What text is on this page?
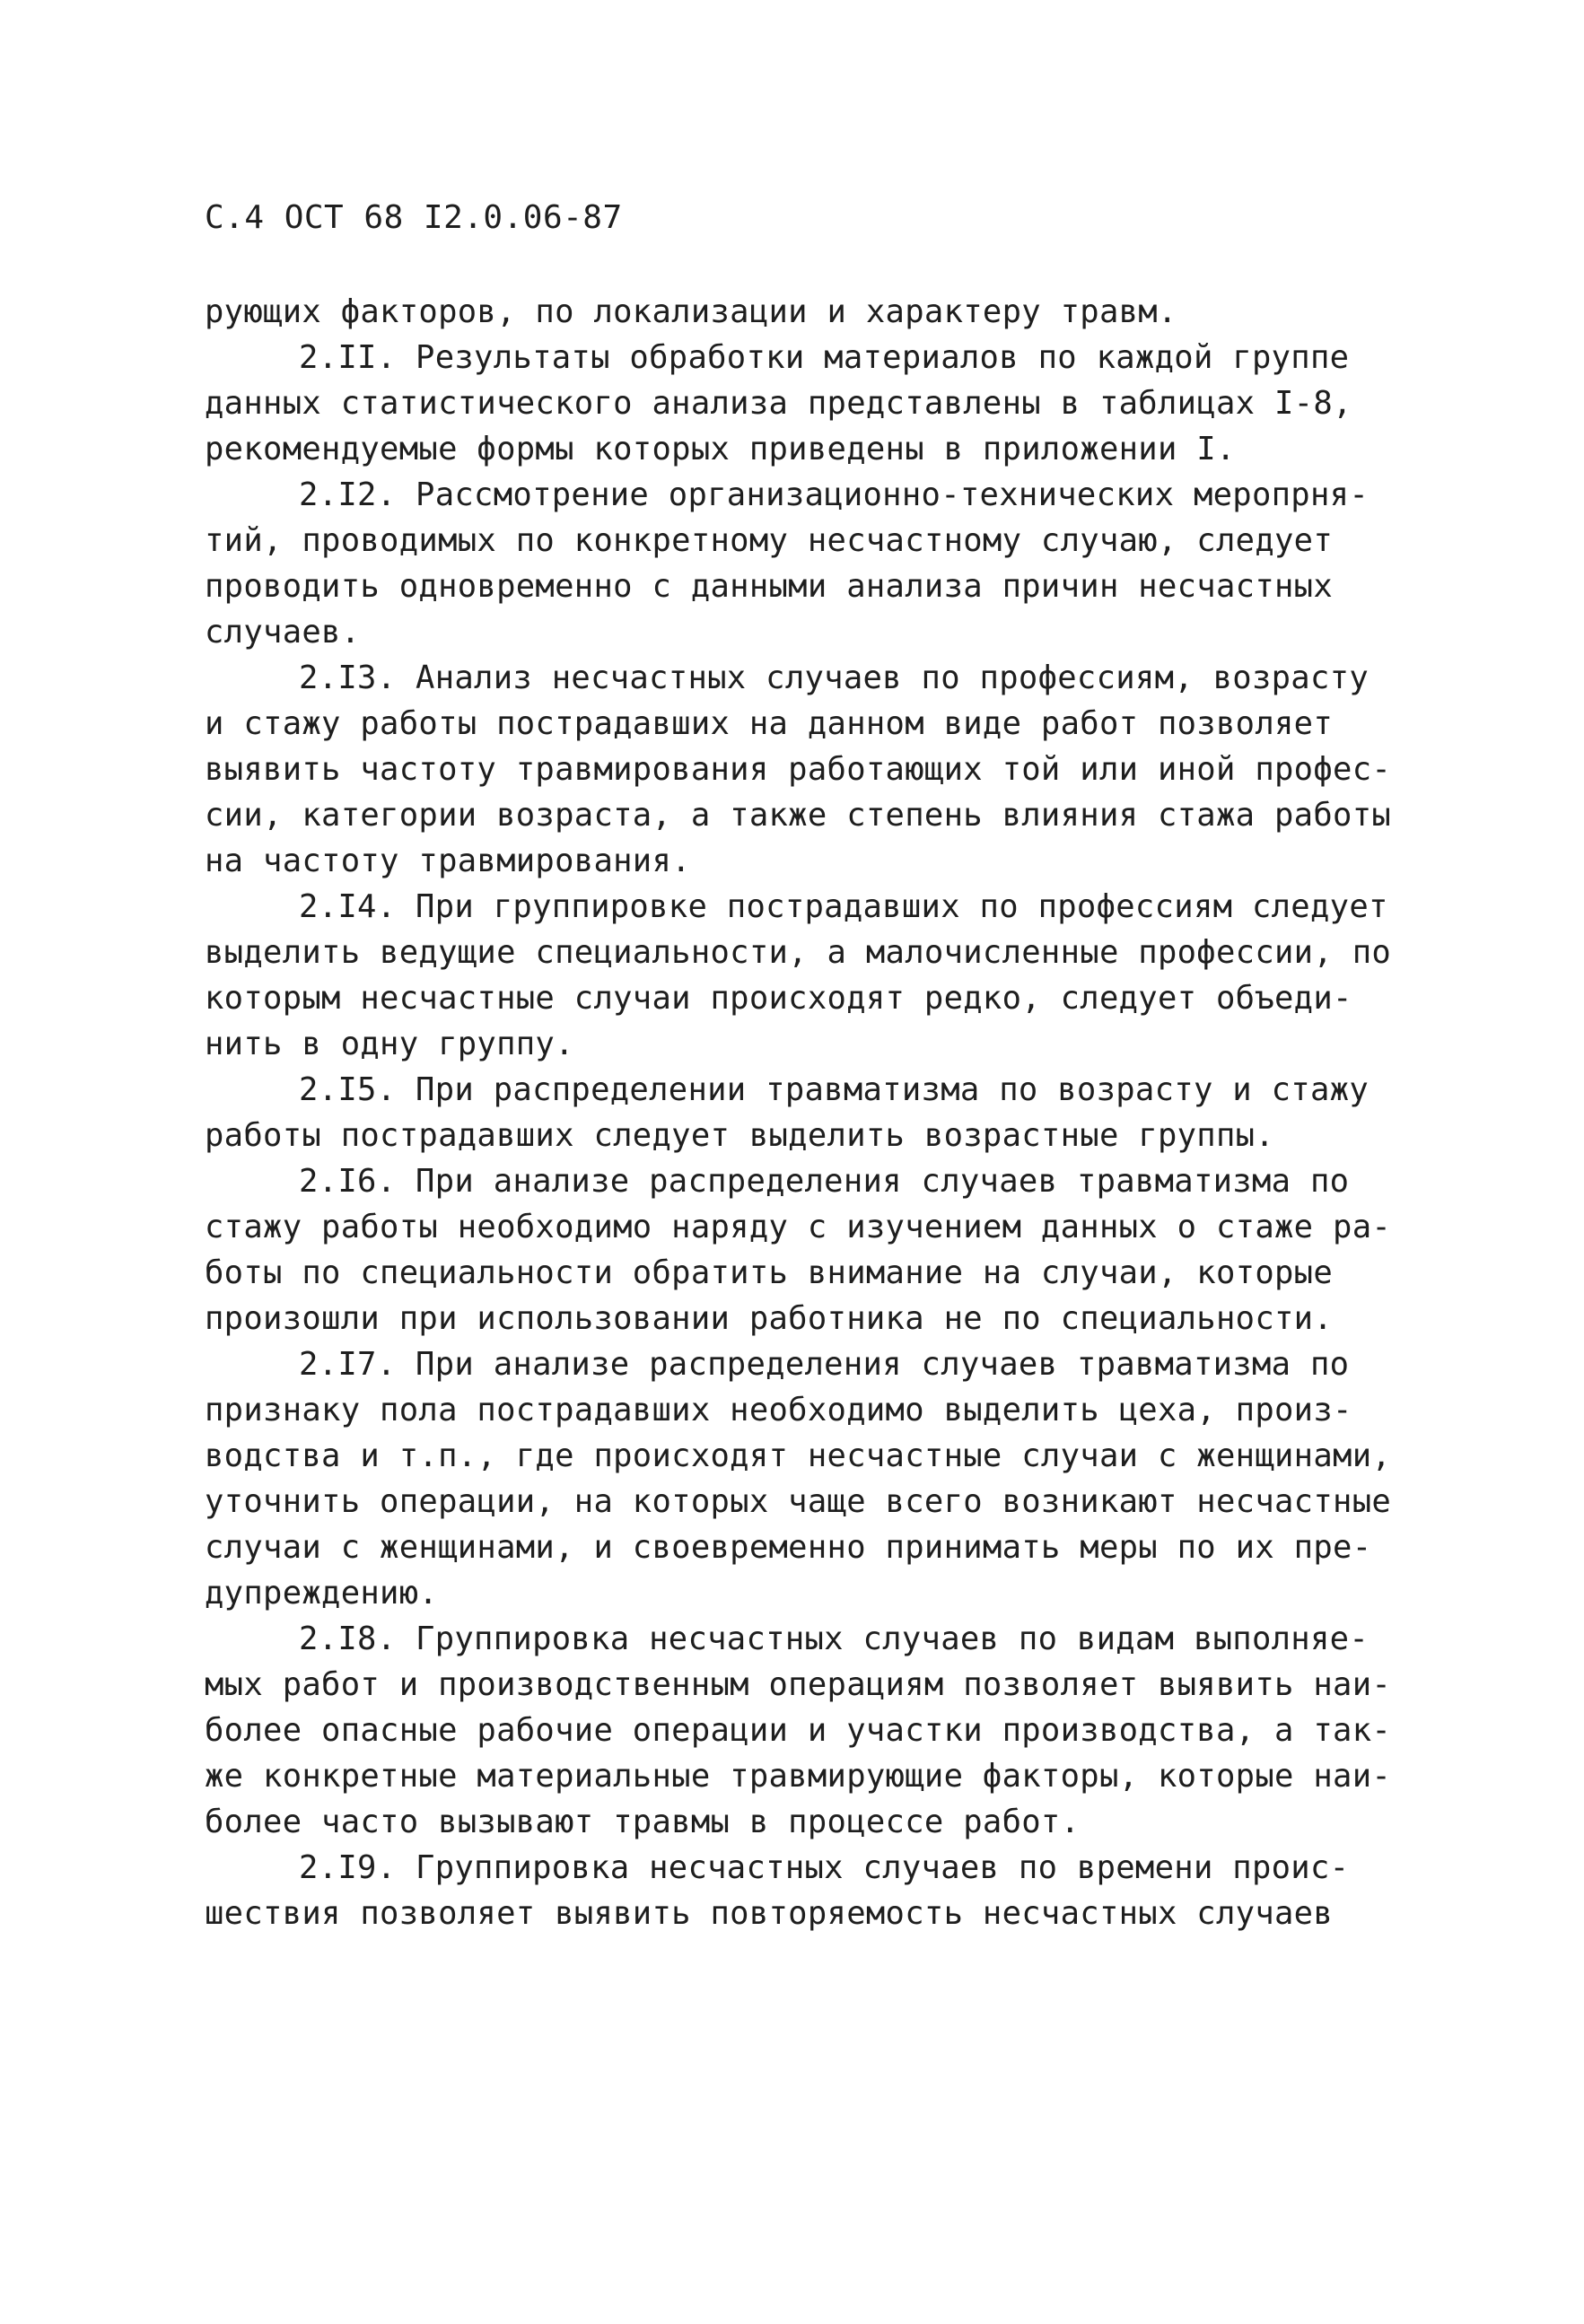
С.4 ОСТ 68 I2.0.06-87
рующих факторов, по локализации и характеру травм.
2.II. Результаты обработки материалов по каждой группе
данных статистического анализа представлены в таблицах I-8,
рекомендуемые формы которых приведены в приложении I.
2.I2. Рассмотрение организационно-технических меропрня-
тий, проводимых по конкретному несчастному случаю, следует
проводить одновременно с данными анализа причин несчастных
случаев.
2.I3. Анализ несчастных случаев по профессиям, возрасту
и стажу работы пострадавших на данном виде работ позволяет
выявить частоту травмирования работающих той или иной профес-
сии, категории возраста, а также степень влияния стажа работы
на частоту травмирования.
2.I4. При группировке пострадавших по профессиям следует
выделить ведущие специальности, а малочисленные профессии, по
которым несчастные случаи происходят редко, следует объеди-
нить в одну группу.
2.I5. При распределении травматизма по возрасту и стажу
работы пострадавших следует выделить возрастные группы.
2.I6. При анализе распределения случаев травматизма по
стажу работы необходимо наряду с изучением данных о стаже ра-
боты по специальности обратить внимание на случаи, которые
произошли при использовании работника не по специальности.
2.I7. При анализе распределения случаев травматизма по
признаку пола пострадавших необходимо выделить цеха, произ-
водства и т.п., где происходят несчастные случаи с женщинами,
уточнить операции, на которых чаще всего возникают несчастные
случаи с женщинами, и своевременно принимать меры по их пре-
дупреждению.
2.I8. Группировка несчастных случаев по видам выполняе-
мых работ и производственным операциям позволяет выявить наи-
более опасные рабочие операции и участки производства, а так-
же конкретные материальные травмирующие факторы, которые наи-
более часто вызывают травмы в процессе работ.
2.I9. Группировка несчастных случаев по времени проис-
шествия позволяет выявить повторяемость несчастных случаев
